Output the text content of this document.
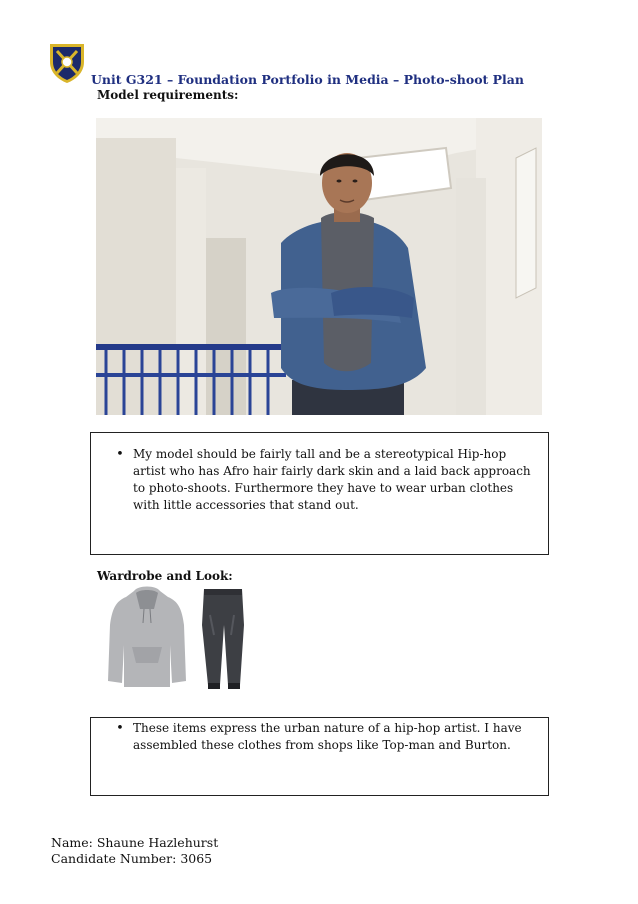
Unit G321 – Foundation Portfolio in Media – Photo-shoot Plan
Model requirements:
• My model should be fairly tall and be a stereotypical Hip-hop artist who has Afro hair fairly dark skin and a laid back approach to photo-shoots. Furthermore they have to wear urban clothes with little accessories that stand out.
Wardrobe and Look:
• These items express the urban nature of a hip-hop artist. I have assembled these clothes from shops like Top-man and Burton.
Name: Shaune Hazlehurst
Candidate Number: 3065
